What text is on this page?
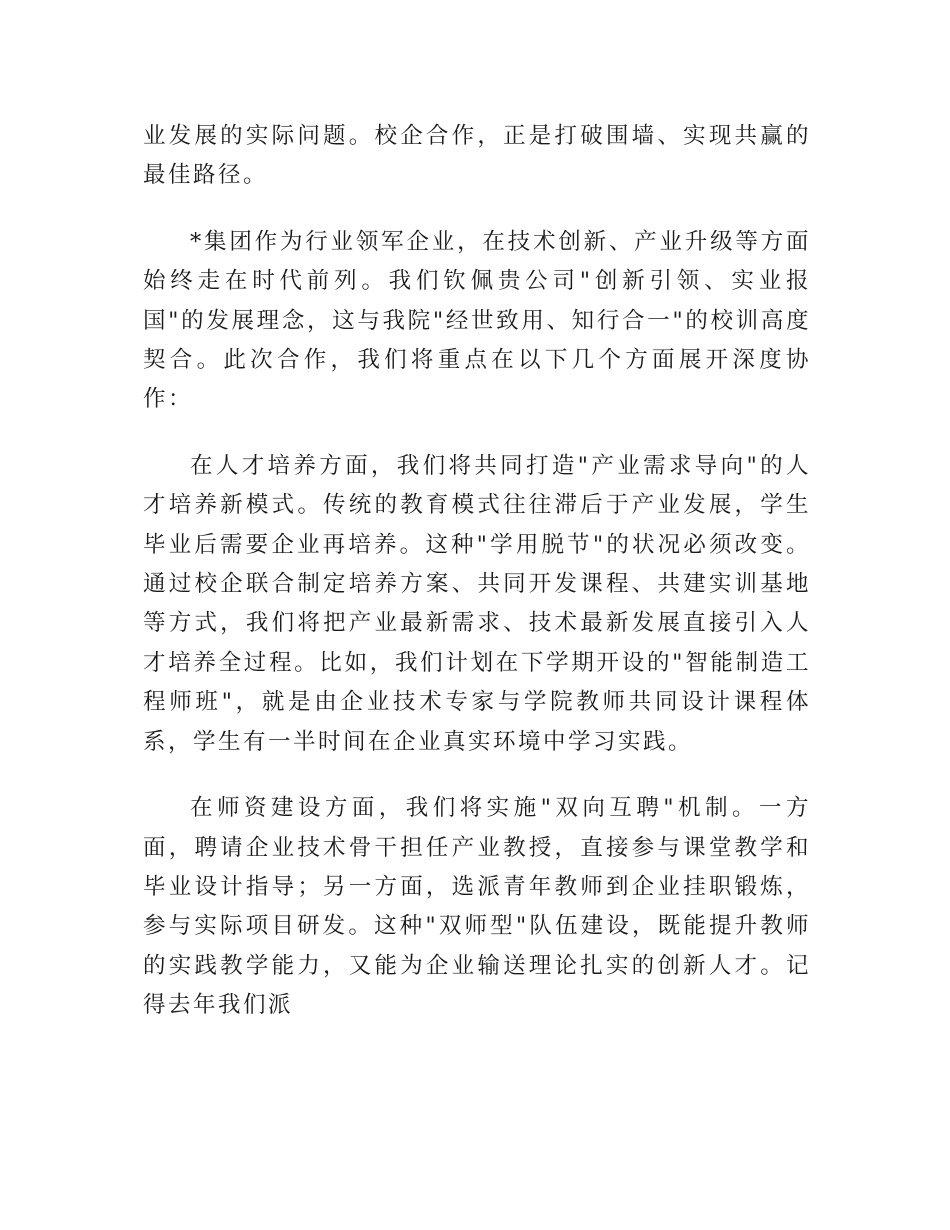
业发展的实际问题。校企合作，正是打破围墙、实现共赢的最佳路径。

*集团作为行业领军企业，在技术创新、产业升级等方面始终走在时代前列。我们钦佩贵公司"创新引领、实业报国"的发展理念，这与我院"经世致用、知行合一"的校训高度契合。此次合作，我们将重点在以下几个方面展开深度协作：

在人才培养方面，我们将共同打造"产业需求导向"的人才培养新模式。传统的教育模式往往滞后于产业发展，学生毕业后需要企业再培养。这种"学用脱节"的状况必须改变。通过校企联合制定培养方案、共同开发课程、共建实训基地等方式，我们将把产业最新需求、技术最新发展直接引入人才培养全过程。比如，我们计划在下学期开设的"智能制造工程师班"，就是由企业技术专家与学院教师共同设计课程体系，学生有一半时间在企业真实环境中学习实践。

在师资建设方面，我们将实施"双向互聘"机制。一方面，聘请企业技术骨干担任产业教授，直接参与课堂教学和毕业设计指导；另一方面，选派青年教师到企业挂职锻炼，参与实际项目研发。这种"双师型"队伍建设，既能提升教师的实践教学能力，又能为企业输送理论扎实的创新人才。记得去年我们派
